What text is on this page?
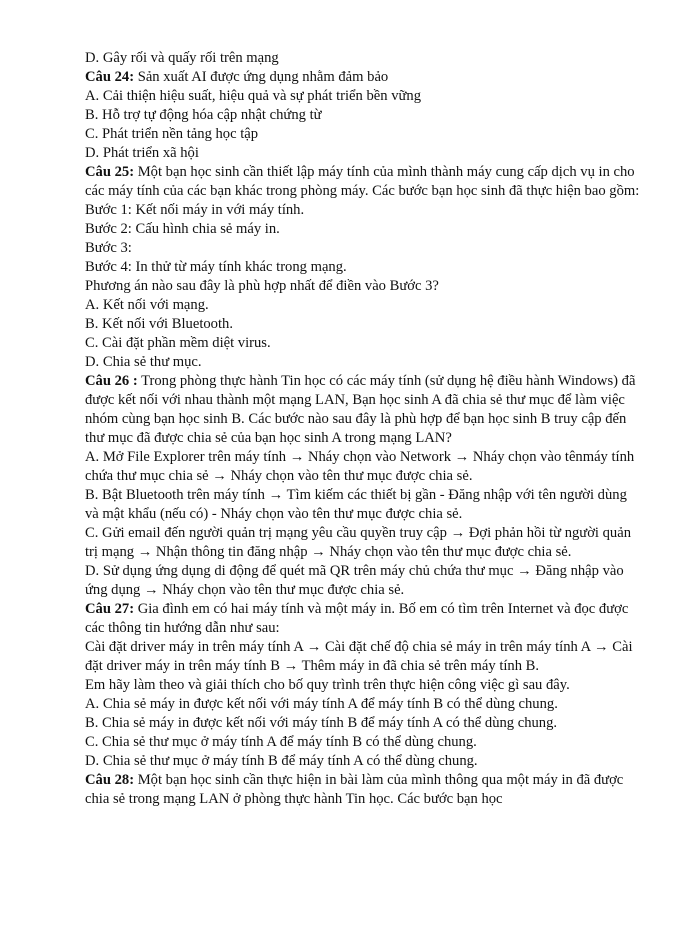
D. Gây rối và quấy rối trên mạng

Câu 24: Sản xuất AI được ứng dụng nhằm đảm bảo

A. Cải thiện hiệu suất, hiệu quả và sự phát triển bền vững

B. Hỗ trợ tự động hóa cập nhật chứng từ

C. Phát triển nền tảng học tập

D. Phát triển xã hội

Câu 25: Một bạn học sinh cần thiết lập máy tính của mình thành máy cung cấp dịch vụ in cho các máy tính của các bạn khác trong phòng máy. Các bước bạn học sinh đã thực hiện bao gồm:

Bước 1: Kết nối máy in với máy tính.

Bước 2: Cấu hình chia sẻ máy in.

Bước 3:

Bước 4: In thử từ máy tính khác trong mạng.

Phương án nào sau đây là phù hợp nhất để điền vào Bước 3?

A. Kết nối với mạng.

B. Kết nối với Bluetooth.

C. Cài đặt phần mềm diệt virus.

D. Chia sẻ thư mục.

Câu 26 : Trong phòng thực hành Tin học có các máy tính (sử dụng hệ điều hành Windows) đã được kết nối với nhau thành một mạng LAN, Bạn học sinh A đã chia sẻ thư mục để làm việc nhóm cùng bạn học sinh B. Các bước nào sau đây là phù hợp để bạn học sinh B truy cập đến thư mục đã được chia sẻ của bạn học sinh A trong mạng LAN?

A. Mở File Explorer trên máy tính → Nháy chọn vào Network → Nháy chọn vào tênmáy tính chứa thư mục chia sẻ → Nháy chọn vào tên thư mục được chia sẻ.

B. Bật Bluetooth trên máy tính → Tìm kiếm các thiết bị gần - Đăng nhập với tên người dùng và mật khẩu (nếu có) - Nháy chọn vào tên thư mục được chia sẻ.

C. Gửi email đến người quản trị mạng yêu cầu quyền truy cập → Đợi phản hồi từ người quản trị mạng → Nhận thông tin đăng nhập → Nháy chọn vào tên thư mục được chia sẻ.

D. Sử dụng ứng dụng di động để quét mã QR trên máy chủ chứa thư mục → Đăng nhập vào ứng dụng → Nháy chọn vào tên thư mục được chia sẻ.

Câu 27: Gia đình em có hai máy tính và một máy in. Bố em có tìm trên Internet và đọc được các thông tin hướng dẫn như sau:

Cài đặt driver máy in trên máy tính A → Cài đặt chế độ chia sẻ máy in trên máy tính A → Cài đặt driver máy in trên máy tính B → Thêm máy in đã chia sẻ trên máy tính B.

Em hãy làm theo và giải thích cho bố quy trình trên thực hiện công việc gì sau đây.

A. Chia sẻ máy in được kết nối với máy tính A để máy tính B có thể dùng chung.

B. Chia sẻ máy in được kết nối với máy tính B để máy tính A có thể dùng chung.

C. Chia sẻ thư mục ở máy tính A để máy tính B có thể dùng chung.

D. Chia sẻ thư mục ở máy tính B để máy tính A có thể dùng chung.

Câu 28: Một bạn học sinh cần thực hiện in bài làm của mình thông qua một máy in đã được chia sẻ trong mạng LAN ở phòng thực hành Tin học. Các bước bạn học
